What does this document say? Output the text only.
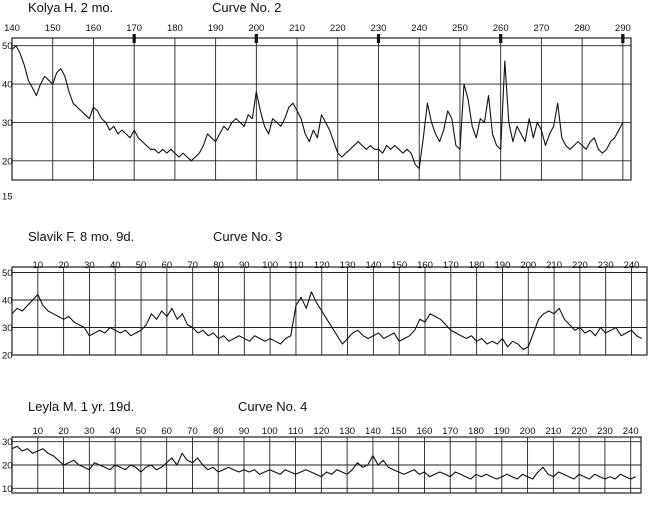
Kolya H. 2 mo.	Curve No. 2
140	150	160	170	180	190	200	210	220	230	240	250	260	270	280	290
50
40
30
20
15
Slavik F. 8 mo. 9d.	Curve No. 3
10 20 30 40 50 60 70 80 90 100 110 120 130 140 150 160 170 180 190 200 210 220 230 240
50
40
30
20
Leyla M. 1 yr. 19d.	Curve No. 4
10 20 30 40 50 60 70 80 90 100 110 120 130 140 150 160 170 180 190 200 210 220 230 240
30
20
10
